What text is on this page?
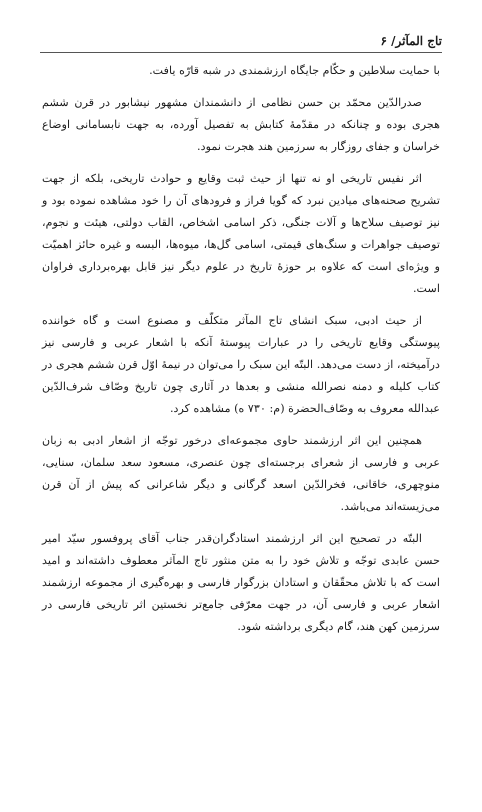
تاج المآثر/ ۶

با حمایت سلاطین و حکّام جایگاه ارزشمندی در شبه قارّه یافت.

صدرالدّین محمّد بن حسن نظامی از دانشمندان مشهور نیشابور در قرن ششم هجری بوده و چنانکه در مقدّمهٔ کتابش به تفصیل آورده، به جهت نابسامانی اوضاع خراسان و جفای روزگار به سرزمین هند هجرت نمود.

اثر نفیس تاریخی او نه تنها از حیث ثبت وقایع و حوادث تاریخی، بلکه از جهت تشریح صحنه‌های میادین نبرد که گویا فراز و فرودهای آن را خود مشاهده نموده بود و نیز توصیف سلاح‌ها و آلات جنگی، ذکر اسامی اشخاص، القاب دولتی، هیئت و نجوم، توصیف جواهرات و سنگ‌های قیمتی، اسامی گل‌ها، میوه‌ها، البسه و غیره حائز اهمیّت و ویژه‌ای است که علاوه بر حوزهٔ تاریخ در علوم دیگر نیز قابل بهره‌برداری فراوان است.

از حیث ادبی، سبک انشای تاج المآثر متکلّف و مصنوع است و گاه خواننده پیوستگی وقایع تاریخی را در عبارات پیوستهٔ آنکه با اشعار عربی و فارسی نیز درآمیخته، از دست می‌دهد. البتّه این سبک را می‌توان در نیمهٔ اوّل قرن ششم هجری در کتاب کلیله و دمنه نصرالله منشی و بعدها در آثاری چون تاریخ وصّاف شرف‌الدّین عبدالله معروف به وصّاف‌الحضرة (م: ۷۳۰ ه) مشاهده کرد.

همچنین این اثر ارزشمند حاوی مجموعه‌ای درخور توجّه از اشعار ادبی به زبان عربی و فارسی از شعرای برجسته‌ای چون عنصری، مسعود سعد سلمان، سنایی، منوچهری، خاقانی، فخرالدّین اسعد گرگانی و دیگر شاعرانی که پیش از آن قرن می‌زیسته‌اند می‌باشد.

البتّه در تصحیح این اثر ارزشمند استادگران‌قدر جناب آقای پروفسور سیّد امیر حسن عابدی توجّه و تلاش خود را به متن منثور تاج المآثر معطوف داشته‌اند و امید است که با تلاش محقّقان و استادان بزرگوار فارسی و بهره‌گیری از مجموعه ارزشمند اشعار عربی و فارسی آن، در جهت معرّفی جامع‌تر نخستین اثر تاریخی فارسی در سرزمین کهن هند، گام دیگری برداشته شود.
